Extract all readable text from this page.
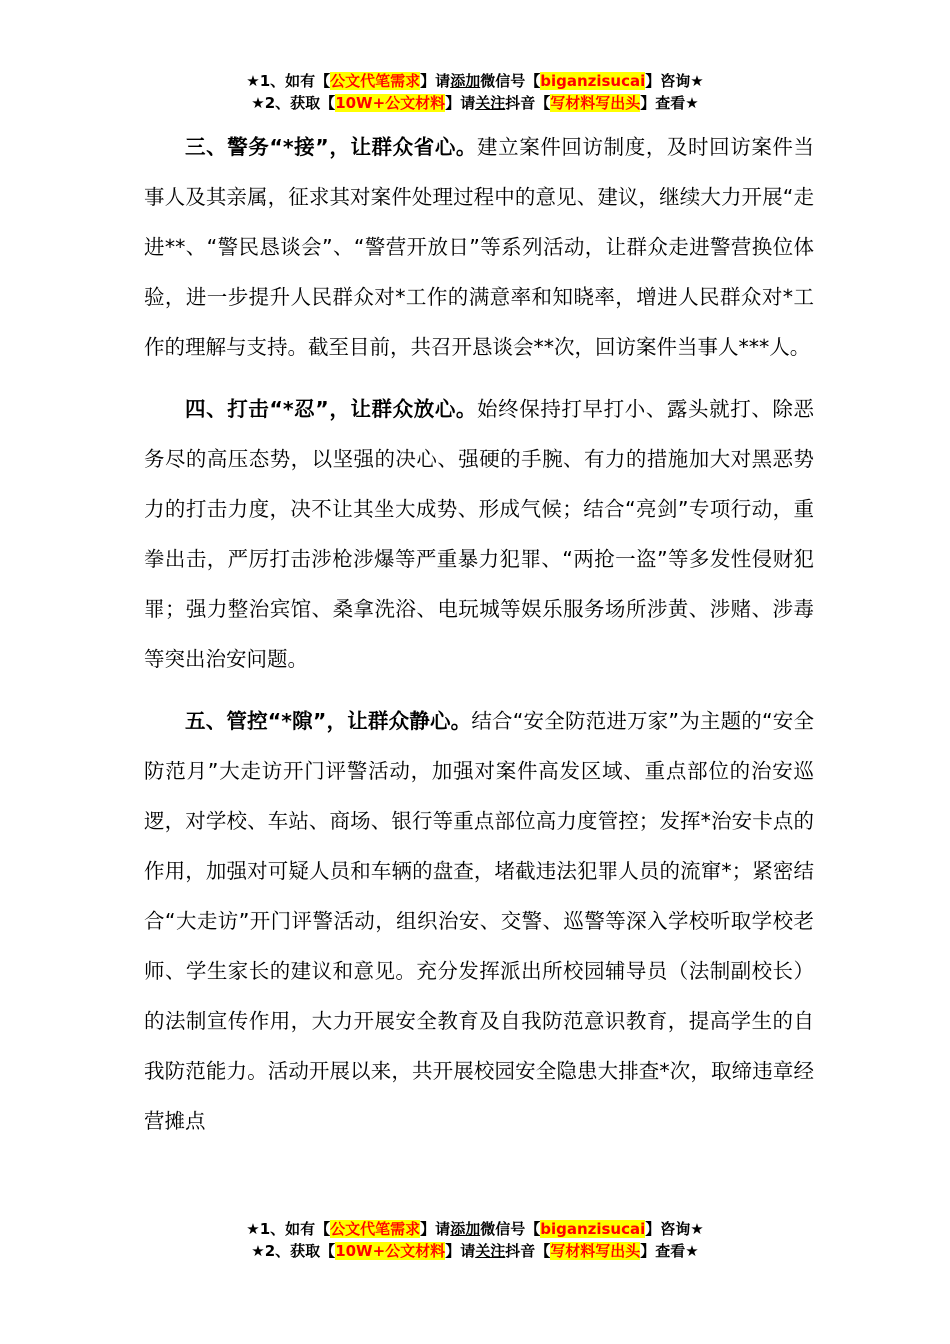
★1、如有【公文代笔需求】请添加微信号【biganzisucai】咨询★
★2、获取【10W+公文材料】请关注抖音【写材料写出头】查看★

三、警务“*接”，让群众省心。建立案件回访制度，及时回访案件当事人及其亲属，征求其对案件处理过程中的意见、建议，继续大力开展“走进**、“警民恳谈会”、“警营开放日”等系列活动，让群众走进警营换位体验，进一步提升人民群众对*工作的满意率和知晓率，增进人民群众对*工作的理解与支持。截至目前，共召开恳谈会**次，回访案件当事人***人。

四、打击“*忍”，让群众放心。始终保持打早打小、露头就打、除恶务尽的高压态势，以坚强的决心、强硬的手腕、有力的措施加大对黑恶势力的打击力度，决不让其坐大成势、形成气候；结合“亮剑”专项行动，重拳出击，严厉打击涉枪涉爆等严重暴力犯罪、“两抢一盗”等多发性侵财犯罪；强力整治宾馆、桑拿洗浴、电玩城等娱乐服务场所涉黄、涉赌、涉毒等突出治安问题。

五、管控“*隙”，让群众静心。结合“安全防范进万家”为主题的“安全防范月”大走访开门评警活动，加强对案件高发区域、重点部位的治安巡逻，对学校、车站、商场、银行等重点部位高力度管控；发挥*治安卡点的作用，加强对可疑人员和车辆的盘查，堵截违法犯罪人员的流窜*；紧密结合“大走访”开门评警活动，组织治安、交警、巡警等深入学校听取学校老师、学生家长的建议和意见。充分发挥派出所校园辅导员（法制副校长）的法制宣传作用，大力开展安全教育及自我防范意识教育，提高学生的自我防范能力。活动开展以来，共开展校园安全隐患大排查*次，取缔违章经营摊点

★1、如有【公文代笔需求】请添加微信号【biganzisucai】咨询★
★2、获取【10W+公文材料】请关注抖音【写材料写出头】查看★
